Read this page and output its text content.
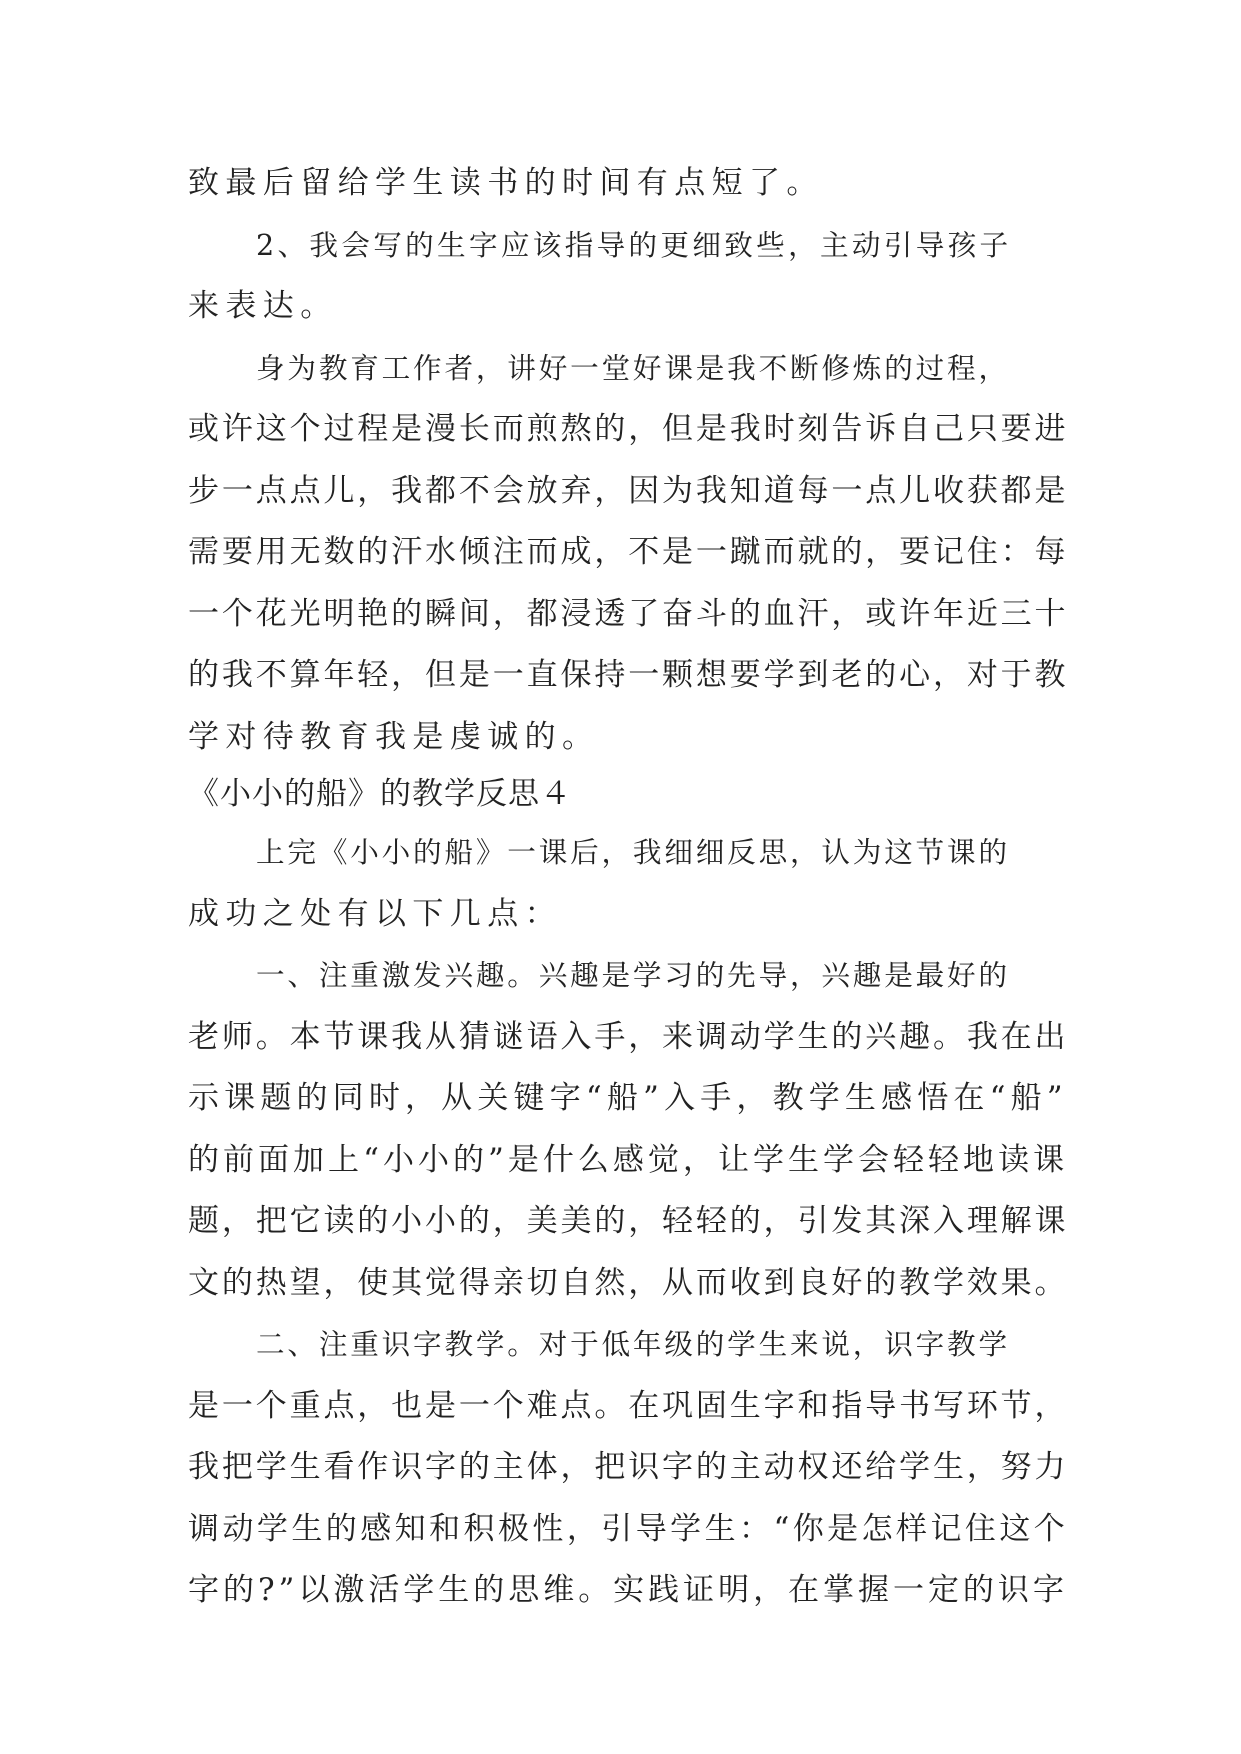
致最后留给学生读书的时间有点短了。
2、我会写的生字应该指导的更细致些，主动引导孩子
来表达。
身为教育工作者，讲好一堂好课是我不断修炼的过程，
或许这个过程是漫长而煎熬的，但是我时刻告诉自己只要进
步一点点儿，我都不会放弃，因为我知道每一点儿收获都是
需要用无数的汗水倾注而成，不是一蹴而就的，要记住：每
一个花光明艳的瞬间，都浸透了奋斗的血汗，或许年近三十
的我不算年轻，但是一直保持一颗想要学到老的心，对于教
学对待教育我是虔诚的。
《小小的船》的教学反思４
上完《小小的船》一课后，我细细反思，认为这节课的
成功之处有以下几点：
一、注重激发兴趣。兴趣是学习的先导，兴趣是最好的
老师。本节课我从猜谜语入手，来调动学生的兴趣。我在出
示课题的同时，从关键字“船”入手，教学生感悟在“船”
的前面加上“小小的”是什么感觉，让学生学会轻轻地读课
题，把它读的小小的，美美的，轻轻的，引发其深入理解课
文的热望，使其觉得亲切自然，从而收到良好的教学效果。
二、注重识字教学。对于低年级的学生来说，识字教学
是一个重点，也是一个难点。在巩固生字和指导书写环节，
我把学生看作识字的主体，把识字的主动权还给学生，努力
调动学生的感知和积极性，引导学生：“你是怎样记住这个
字的?”以激活学生的思维。实践证明，在掌握一定的识字
